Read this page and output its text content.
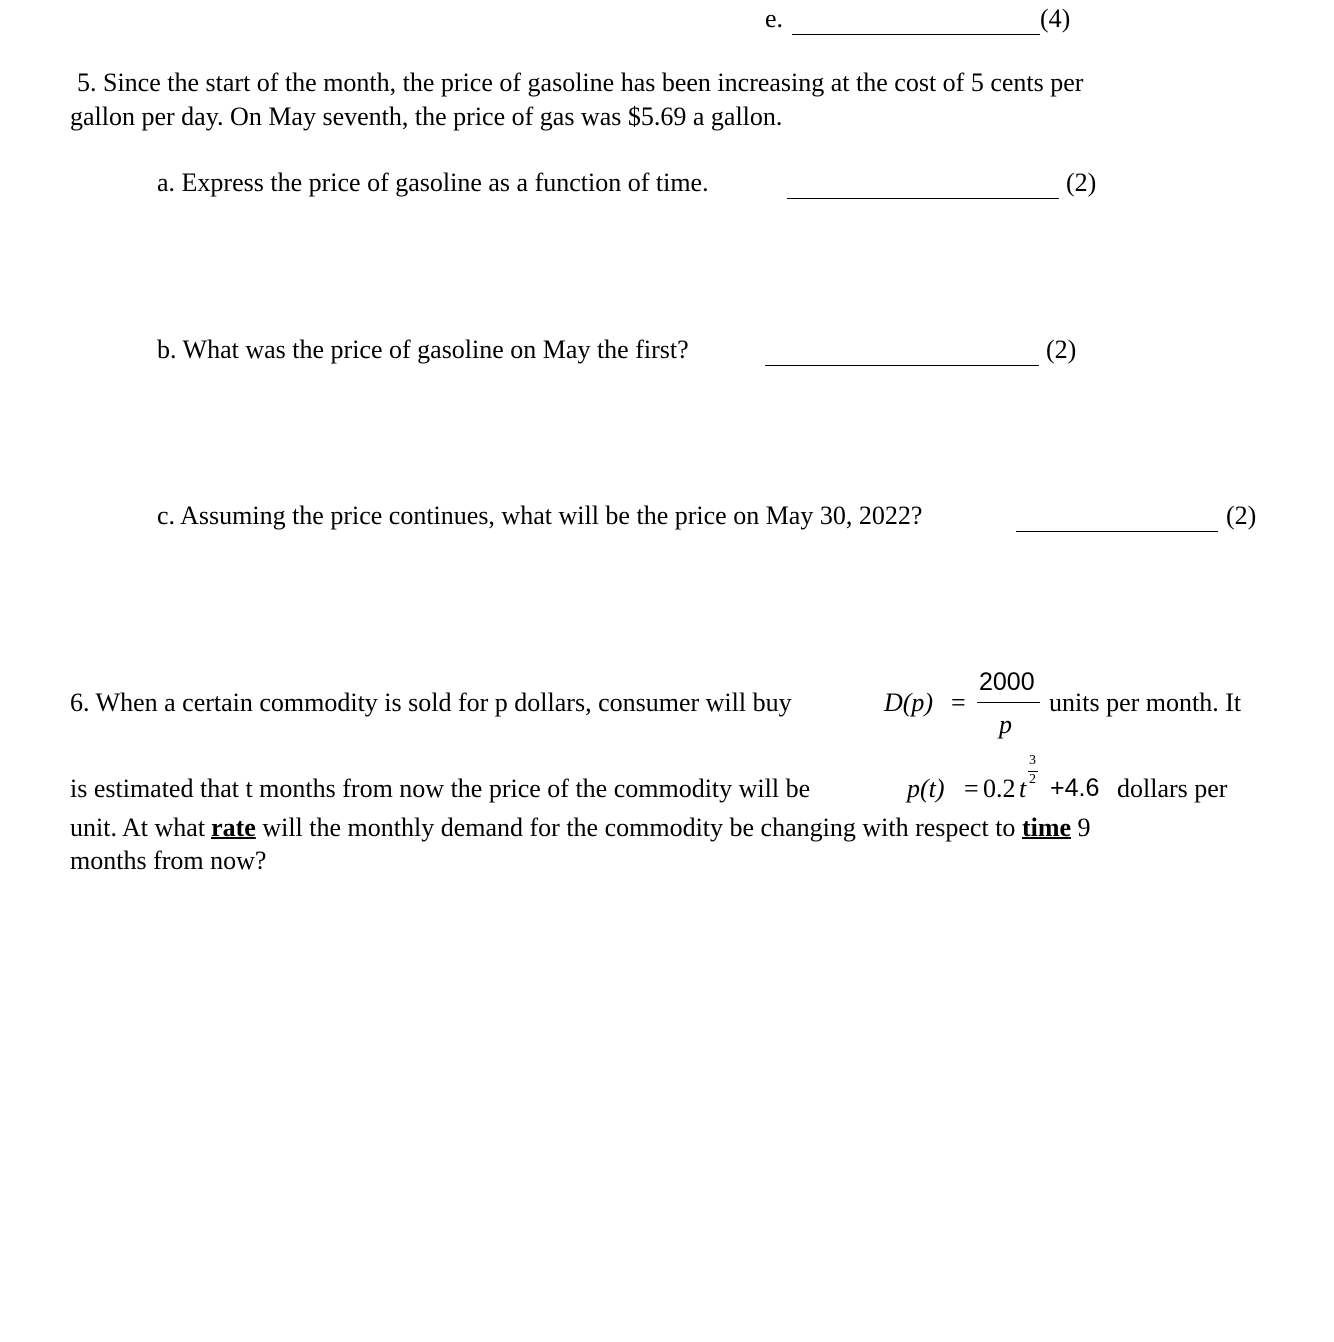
e.	(4)
5. Since the start of the month, the price of gasoline has been increasing at the cost of 5 cents per
gallon per day. On May seventh, the price of gas was $5.69 a gallon.
a. Express the price of gasoline as a function of time.	(2)
b. What was the price of gasoline on May the first?	(2)
c. Assuming the price continues, what will be the price on May 30, 2022?	(2)
6. When a certain commodity is sold for p dollars, consumer will buy	D(p) =
2000
p
units per month. It
is estimated that t months from now the price of the commodity will be	p(t) = 0.2 t
3
2 +4.6 dollars per
unit. At what rate will the monthly demand for the commodity be changing with respect to time 9
months from now?
